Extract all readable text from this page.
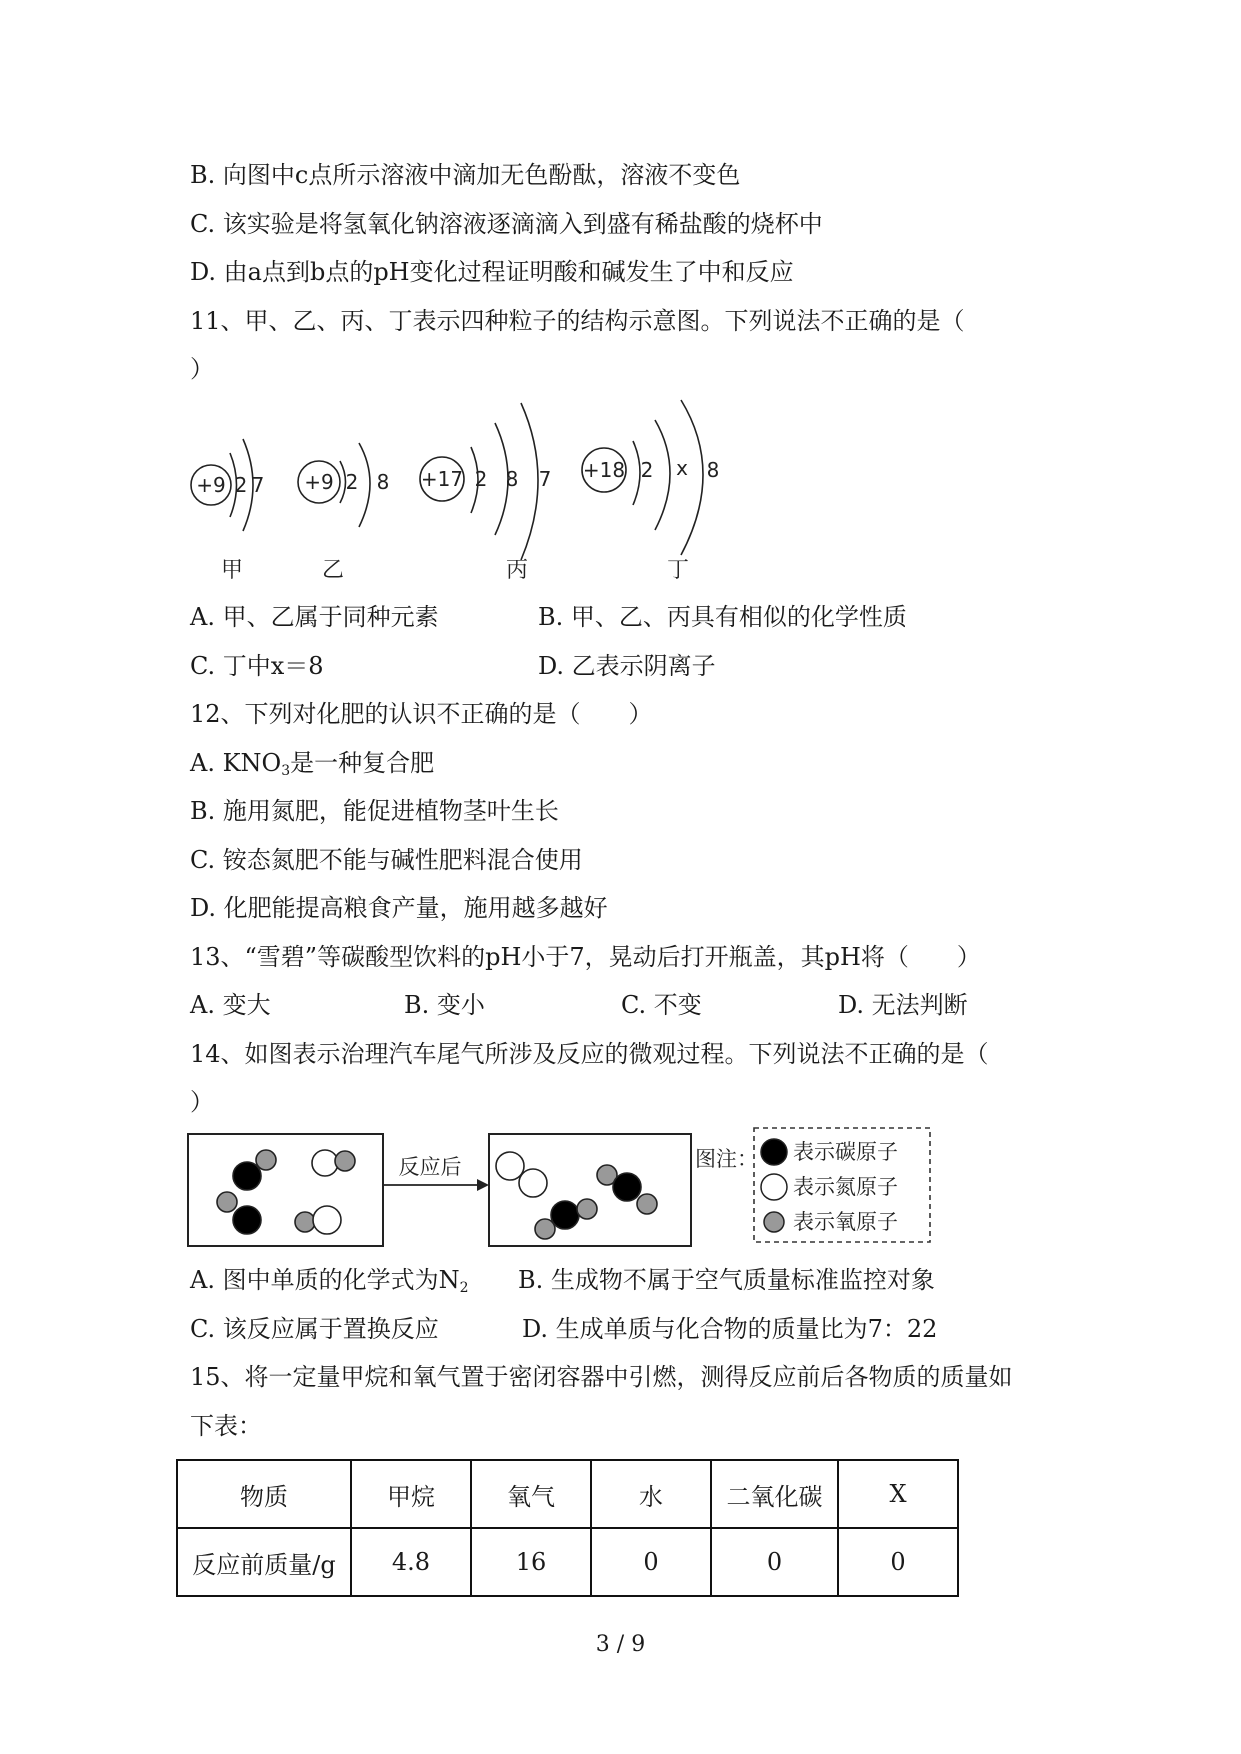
B. 向图中c点所示溶液中滴加无色酚酞，溶液不变色
C. 该实验是将氢氧化钠溶液逐滴滴入到盛有稀盐酸的烧杯中
D. 由a点到b点的pH变化过程证明酸和碱发生了中和反应
11、甲、乙、丙、丁表示四种粒子的结构示意图。下列说法不正确的是（
）
+9 2 7 +9 2 8 +17 2 8 7 +18 2 x 8
甲	乙	丙	丁
A. 甲、乙属于同种元素	B. 甲、乙、丙具有相似的化学性质
C. 丁中x＝8	D. 乙表示阴离子
12、下列对化肥的认识不正确的是（　　）
A. $KNO_3$是一种复合肥
B. 施用氮肥，能促进植物茎叶生长
C. 铵态氮肥不能与碱性肥料混合使用
D. 化肥能提高粮食产量，施用越多越好
13、“雪碧”等碳酸型饮料的pH小于7，晃动后打开瓶盖，其pH将（　　）
A. 变大	B. 变小	C. 不变	D. 无法判断
14、如图表示治理汽车尾气所涉及反应的微观过程。下列说法不正确的是（
）
反应后	图注： 表示碳原子
表示氮原子
表示氧原子
A. 图中单质的化学式为$N_2$ B. 生成物不属于空气质量标准监控对象
C. 该反应属于置换反应	D. 生成单质与化合物的质量比为7：22
15、将一定量甲烷和氧气置于密闭容器中引燃，测得反应前后各物质的质量如
下表：
物质	甲烷	氧气	水	二氧化碳	X
反应前质量/g	4.8	16	0	0	0
3 / 9
